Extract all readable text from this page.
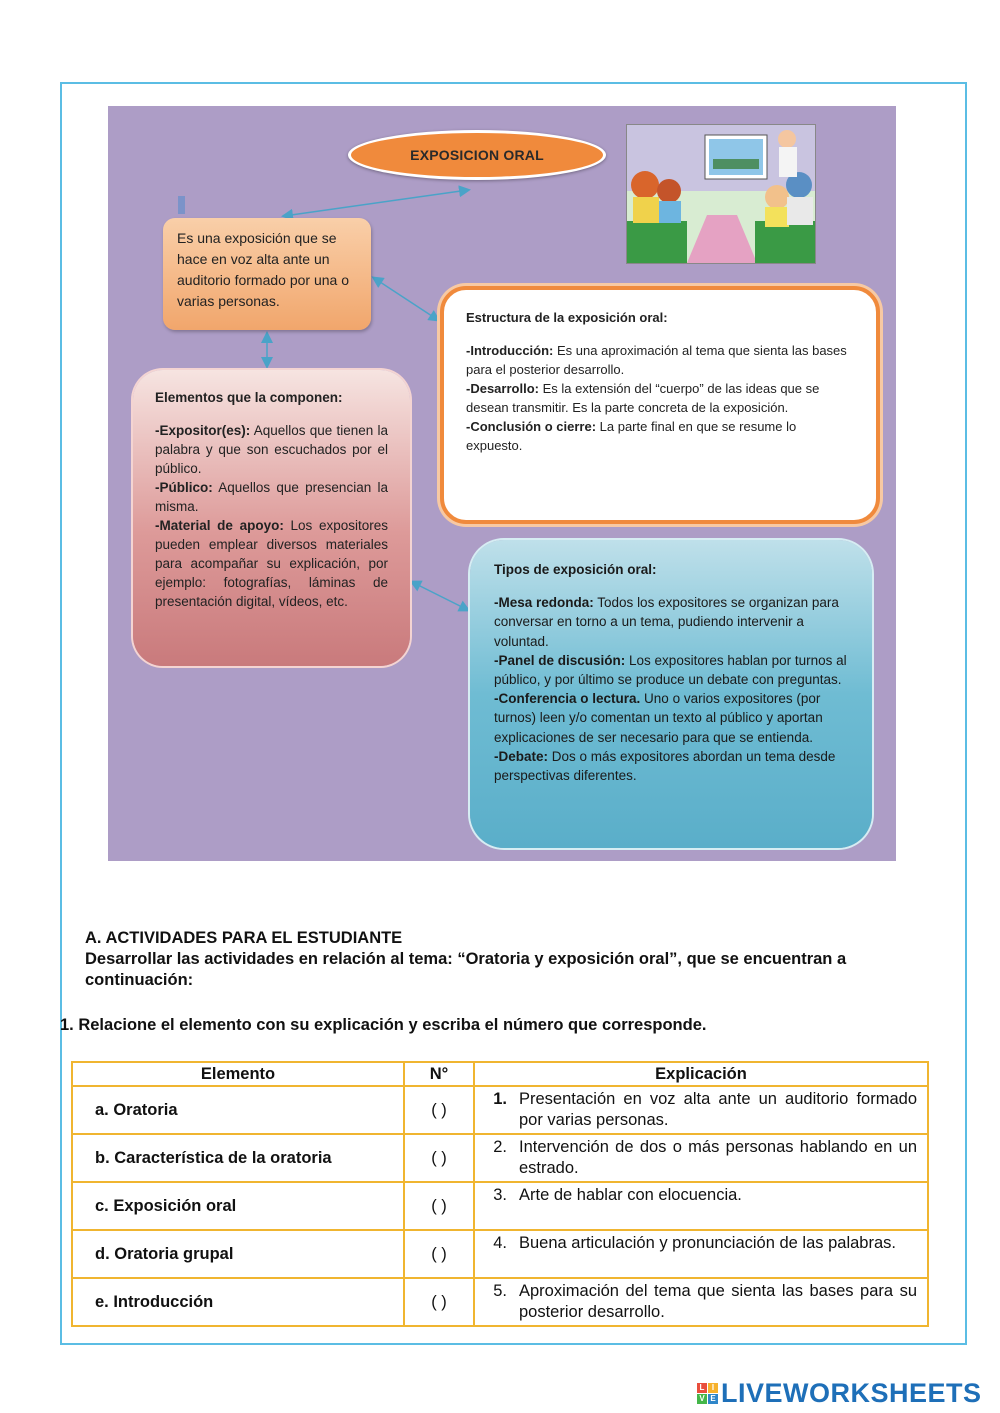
EXPOSICION ORAL
Es una exposición que se hace en voz alta ante un auditorio formado por una o varias personas.
Estructura de la exposición oral:
-Introducción: Es una aproximación al tema que sienta las bases para el posterior desarrollo.
-Desarrollo: Es la extensión del “cuerpo” de las ideas que se desean transmitir. Es la parte concreta de la exposición.
-Conclusión o cierre: La parte final en que se resume lo expuesto.
Elementos que la componen:
-Expositor(es): Aquellos que tienen la palabra y que son escuchados por el público.
-Público: Aquellos que presencian la misma.
-Material de apoyo: Los expositores pueden emplear diversos materiales para acompañar su explicación, por ejemplo: fotografías, láminas de presentación digital, vídeos, etc.
Tipos de exposición oral:
-Mesa redonda: Todos los expositores se organizan para conversar en torno a un tema, pudiendo intervenir a voluntad.
-Panel de discusión: Los expositores hablan por turnos al público, y por último se produce un debate con preguntas.
-Conferencia o lectura. Uno o varios expositores (por turnos) leen y/o comentan un texto al público y aportan explicaciones de ser necesario para que se entienda.
-Debate: Dos o más expositores abordan un tema desde perspectivas diferentes.
A. ACTIVIDADES PARA EL ESTUDIANTE
Desarrollar las actividades en relación al tema: “Oratoria y exposición oral”, que se encuentran a continuación:
1. Relacione el elemento con su explicación y escriba el número que corresponde.
Elemento	N°	Explicación
a. Oratoria	( )	1. Presentación en voz alta ante un auditorio formado por varias personas.

b. Característica de la oratoria	( )	2. Intervención de dos o más personas hablando en un estrado.

c. Exposición oral	( )	3. Arte de hablar con elocuencia.

d. Oratoria grupal	( )	4. Buena articulación y pronunciación de las palabras.

e. Introducción	( )	5. Aproximación del tema que sienta las bases para su posterior desarrollo.
L I
V E LIVEWORKSHEETS
